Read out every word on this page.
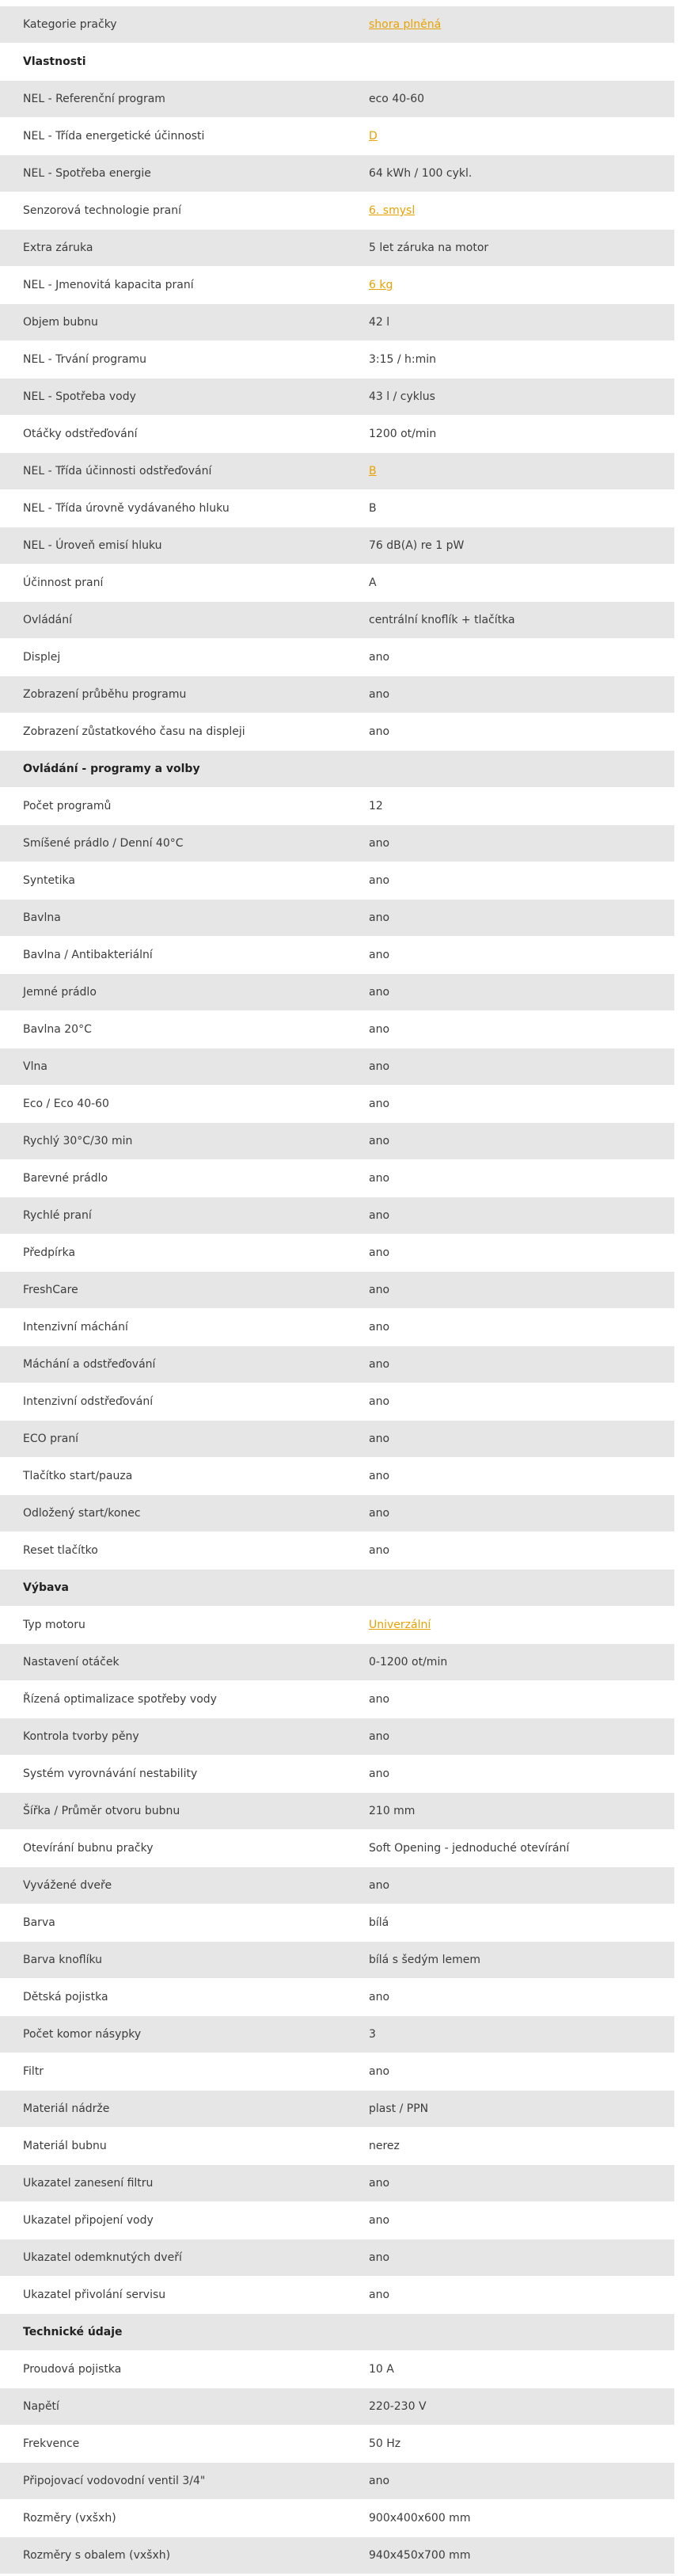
Kategorie pračky	shora plněná
Vlastnosti
NEL - Referenční program	eco 40-60
NEL - Třída energetické účinnosti	D
NEL - Spotřeba energie	64 kWh / 100 cykl.
Senzorová technologie praní	6. smysl
Extra záruka	5 let záruka na motor
NEL - Jmenovitá kapacita praní	6 kg
Objem bubnu	42 l
NEL - Trvání programu	3:15 / h:min
NEL - Spotřeba vody	43 l / cyklus
Otáčky odstřeďování	1200 ot/min
NEL - Třída účinnosti odstřeďování	B
NEL - Třída úrovně vydávaného hluku	B
NEL - Úroveň emisí hluku	76 dB(A) re 1 pW
Účinnost praní	A
Ovládání	centrální knoflík + tlačítka
Displej	ano
Zobrazení průběhu programu	ano
Zobrazení zůstatkového času na displeji	ano
Ovládání - programy a volby
Počet programů	12
Smíšené prádlo / Denní 40°C	ano
Syntetika	ano
Bavlna	ano
Bavlna / Antibakteriální	ano
Jemné prádlo	ano
Bavlna 20°C	ano
Vlna	ano
Eco / Eco 40-60	ano
Rychlý 30°C/30 min	ano
Barevné prádlo	ano
Rychlé praní	ano
Předpírka	ano
FreshCare	ano
Intenzivní máchání	ano
Máchání a odstřeďování	ano
Intenzivní odstřeďování	ano
ECO praní	ano
Tlačítko start/pauza	ano
Odložený start/konec	ano
Reset tlačítko	ano
Výbava
Typ motoru	Univerzální
Nastavení otáček	0-1200 ot/min
Řízená optimalizace spotřeby vody	ano
Kontrola tvorby pěny	ano
Systém vyrovnávání nestability	ano
Šířka / Průměr otvoru bubnu	210 mm
Otevírání bubnu pračky	Soft Opening - jednoduché otevírání
Vyvážené dveře	ano
Barva	bílá
Barva knoflíku	bílá s šedým lemem
Dětská pojistka	ano
Počet komor násypky	3
Filtr	ano
Materiál nádrže	plast / PPN
Materiál bubnu	nerez
Ukazatel zanesení filtru	ano
Ukazatel připojení vody	ano
Ukazatel odemknutých dveří	ano
Ukazatel přivolání servisu	ano
Technické údaje
Proudová pojistka	10 A
Napětí	220-230 V
Frekvence	50 Hz
Připojovací vodovodní ventil 3/4"	ano
Rozměry (vxšxh)	900x400x600 mm
Rozměry s obalem (vxšxh)	940x450x700 mm
